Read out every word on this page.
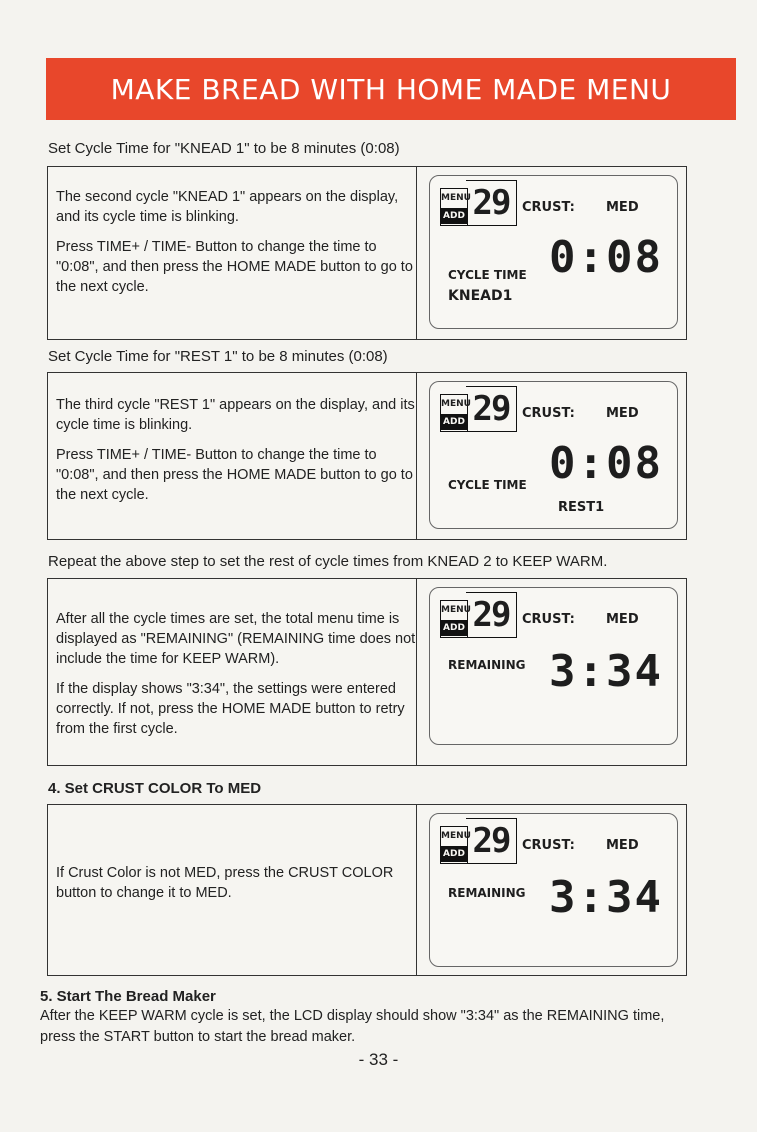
MAKE BREAD WITH HOME MADE MENU
Set Cycle Time for "KNEAD 1" to be 8 minutes (0:08)

The second cycle "KNEAD 1" appears on the display, and its cycle time is blinking.

Press TIME+ / TIME- Button to change the time to "0:08", and then press the HOME MADE button to go to the next cycle.

MENU
ADD 29 CRUST: MED
0:08
CYCLE TIME
KNEAD1
Set Cycle Time for "REST 1" to be 8 minutes (0:08)

The third cycle "REST 1" appears on the display, and its cycle time is blinking.

Press TIME+ / TIME- Button to change the time to "0:08", and then press the HOME MADE button to go to the next cycle.

MENU
ADD 29 CRUST: MED
0:08
CYCLE TIME
REST1
Repeat the above step to set the rest of cycle times from KNEAD 2 to KEEP WARM.

After all the cycle times are set, the total menu time is displayed as "REMAINING" (REMAINING time does not include the time for KEEP WARM).

If the display shows "3:34", the settings were entered correctly. If not, press the HOME MADE button to retry from the first cycle.

MENU
ADD 29 CRUST: MED
3:34
REMAINING
4. Set CRUST COLOR To MED

If Crust Color is not MED, press the CRUST COLOR button to change it to MED.

MENU
ADD 29 CRUST: MED
3:34
REMAINING
5. Start The Bread Maker
After the KEEP WARM cycle is set, the LCD display should show "3:34" as the REMAINING time, press the START button to start the bread maker.
- 33 -
